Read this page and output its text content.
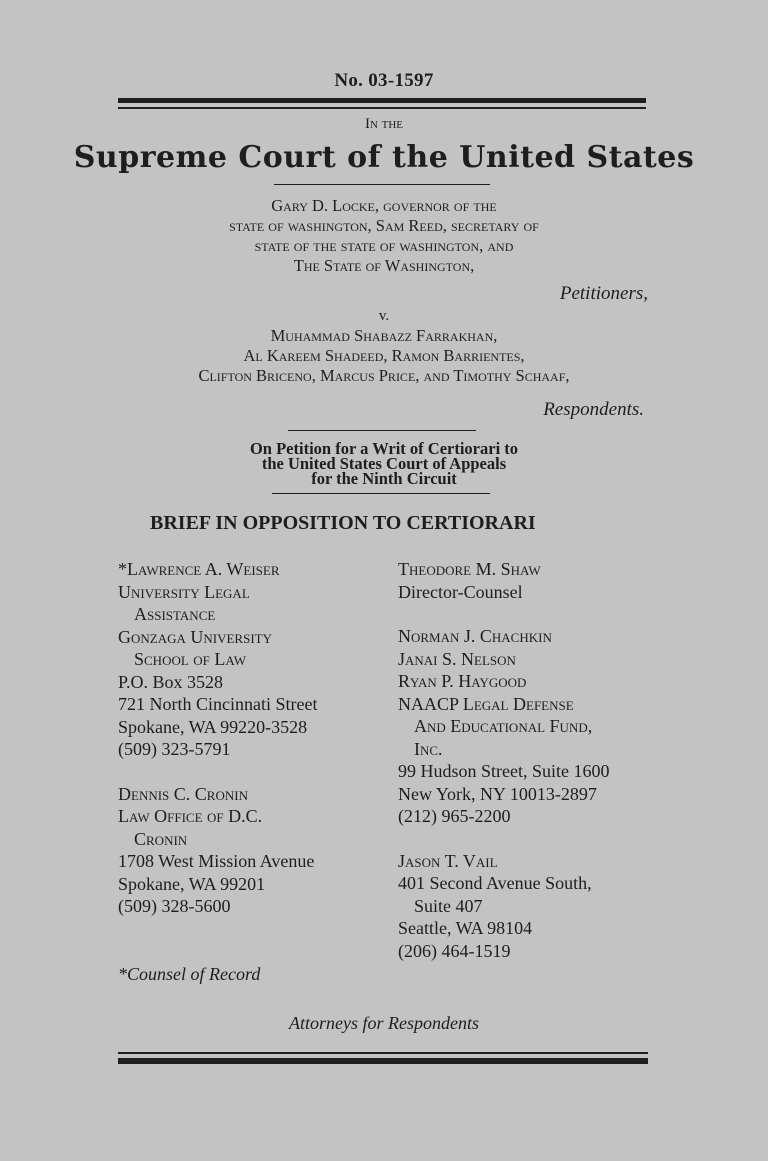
No. 03-1597
In the
Supreme Court of the United States
Gary D. Locke, governor of the
state of washington, Sam Reed, secretary of
state of the state of washington, and
The State of Washington,
Petitioners,
v.
Muhammad Shabazz Farrakhan,
Al Kareem Shadeed, Ramon Barrientes,
Clifton Briceno, Marcus Price, and Timothy Schaaf,
Respondents.
On Petition for a Writ of Certiorari to
the United States Court of Appeals
for the Ninth Circuit
BRIEF IN OPPOSITION TO CERTIORARI
*Lawrence A. Weiser
University Legal
Assistance
Gonzaga University
School of Law
P.O. Box 3528
721 North Cincinnati Street
Spokane, WA 99220-3528
(509) 323-5791
Dennis C. Cronin
Law Office of D.C.
Cronin
1708 West Mission Avenue
Spokane, WA 99201
(509) 328-5600
Theodore M. Shaw
Director-Counsel
Norman J. Chachkin
Janai S. Nelson
Ryan P. Haygood
NAACP Legal Defense
And Educational Fund,
Inc.
99 Hudson Street, Suite 1600
New York, NY 10013-2897
(212) 965-2200
Jason T. Vail
401 Second Avenue South,
Suite 407
Seattle, WA 98104
(206) 464-1519
*Counsel of Record
Attorneys for Respondents
